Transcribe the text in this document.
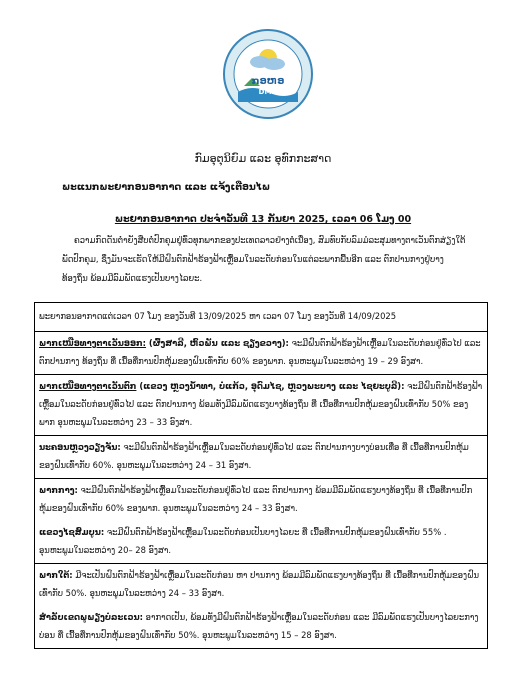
ກອຫອ
DMH
ກົມອຸຕຸນິຍົມ ແລະ ອຸທົກກະສາດ
ພະແນກພະຍາກອນອາກາດ ແລະ ແຈ້ງເຕືອນໄພ
ພະຍາກອນອາກາດ ປະຈໍາວັນທີ 13 ກັນຍາ 2025, ເວລາ 06 ໂມງ 00
ຄວາມກົດດັນຕ່ຳຍັງສືບຕໍ່ປົກຄຸມຢູ່ທົ່ວທຸກພາກຂອງປະເທດລາວຢ່າງຕໍ່ເນື່ອງ, ສົມທົບກັບລົມມໍລະສຸມທາງຕາເວັນຕົກສ່ຽງໃຕ້ພັດປົກຄຸມ, ຊຶ່ງມັນຈະເຮັດໃຫ້ມີຝົນຕົກຟ້າຮ້ອງຟ້າເຫຼື້ອມໃນລະດັບກ່ອນໃນແຕ່ລະພາກພື້ນອີກ ແລະ ຕົກປານກາງຢູ່ບາງທ້ອງຖິ່ນ ພ້ອມມີລົມພັດແຮງເປັນບາງໄລຍະ.
ພະຍາກອນອາກາດແຕ່ເວລາ 07 ໂມງ ຂອງວັນທີ 13/09/2025 ຫາ ເວລາ 07 ໂມງ ຂອງວັນທີ 14/09/2025
ພາກເໜືອທາງຕາເວັນອອກ: (ຜົ້ງສາລີ, ຫົວພັນ ແລະ ຊຽງຂວາງ): ຈະມີຝົນຕົກຟ້າຮ້ອງຟ້າເຫຼື້ອມໃນລະດັບກ່ອນຢູ່ທົ່ວໄປ ແລະ ຕົກປານກາງ ທ້ອງຖິ່ນ ທີ່ ເນື້ອທີ່ການປົກຫຸ້ມຂອງຝົນເທົ່າກັບ 60% ຂອງພາກ. ອຸນຫະພູມໃນລະຫວ່າງ 19 – 29 ອົງສາ.
ພາກເໜືອທາງຕາເວັນຕົກ (ແຂວງ ຫຼວງນໍ້າທາ, ບໍ່ແກ້ວ, ອຸດົມໄຊ, ຫຼວງພະບາງ ແລະ ໄຊຍະບູລີ): ຈະມີຝົນຕົກຟ້າຮ້ອງຟ້າເຫຼື້ອມໃນລະດັບກ່ອນຢູ່ທົ່ວໄປ ແລະ ຕົກປານກາງ ພ້ອມທັງມີລົມພັດແຮງບາງທ້ອງຖິ່ນ ທີ່ ເນື້ອທີ່ການປົກຫຸ້ມຂອງຝົນເທົ່າກັບ 50% ຂອງພາກ ອຸນຫະພູມໃນລະຫວ່າງ 23 – 33 ອົງສາ.
ນະຄອນຫຼວງວຽງຈັນ: ຈະມີຝົນຕົກຟ້າຮ້ອງຟ້າເຫຼື້ອມໃນລະດັບກ່ອນຢູ່ທົ່ວໄປ ແລະ ຕົກປານກາງບາງບ່ອນເທື່ອ ທີ່ ເນື້ອທີ່ການປົກຫຸ້ມຂອງຝົນເທົ່າກັບ 60%. ອຸນຫະພູມໃນລະຫວ່າງ 24 – 31 ອົງສາ.
ພາກກາງ: ຈະມີຝົນຕົກຟ້າຮ້ອງຟ້າເຫຼື້ອມໃນລະດັບກ່ອນຢູ່ທົ່ວໄປ ແລະ ຕົກປານກາງ ພ້ອມມີລົມພັດແຮງບາງທ້ອງຖິ່ນ ທີ່ ເນື້ອທີ່ການປົກຫຸ້ມຂອງຝົນເທົ່າກັບ 60% ຂອງພາກ. ອຸນຫະພູມໃນລະຫວ່າງ 24 – 33 ອົງສາ.
ແຂວງໄຊສົມບູນ: ຈະມີຝົນຕົກຟ້າຮ້ອງຟ້າເຫຼື້ອມໃນລະດັບກ່ອນເປັນບາງໄລຍະ ທີ່ ເນື້ອທີ່ການປົກຫຸ້ມຂອງຝົນເທົ່າກັບ 55% . ອຸນຫະພູມໃນລະຫວ່າງ 20– 28 ອົງສາ.
ພາກໃຕ້: ມີຈະເປັນຝົນຕົກຟ້າຮ້ອງຟ້າເຫຼື້ອມໃນລະດັບກ່ອນ ຫາ ປານກາງ ພ້ອມມີລົມພັດແຮງບາງທ້ອງຖິ່ນ ທີ່ ເນື້ອທີ່ການປົກຫຸ້ມຂອງຝົນເທົ່າກັບ 50%. ອຸນຫະພູມໃນລະຫວ່າງ 24 – 33 ອົງສາ.
ສໍາລັບເຂດພູພຽງບໍລະເວນ: ອາກາດເປັນ, ພ້ອມທັງມີຝົນຕົກຟ້າຮ້ອງຟ້າເຫຼື້ອມໃນລະດັບກ່ອນ ແລະ ມີລົມພັດແຮງເປັນບາງໄລຍະກາງບ່ອນ ທີ່ ເນື້ອທີ່ການປົກຫຸ້ມຂອງຝົນເທົ່າກັບ 50%. ອຸນຫະພູມໃນລະຫວ່າງ 15 – 28 ອົງສາ.
